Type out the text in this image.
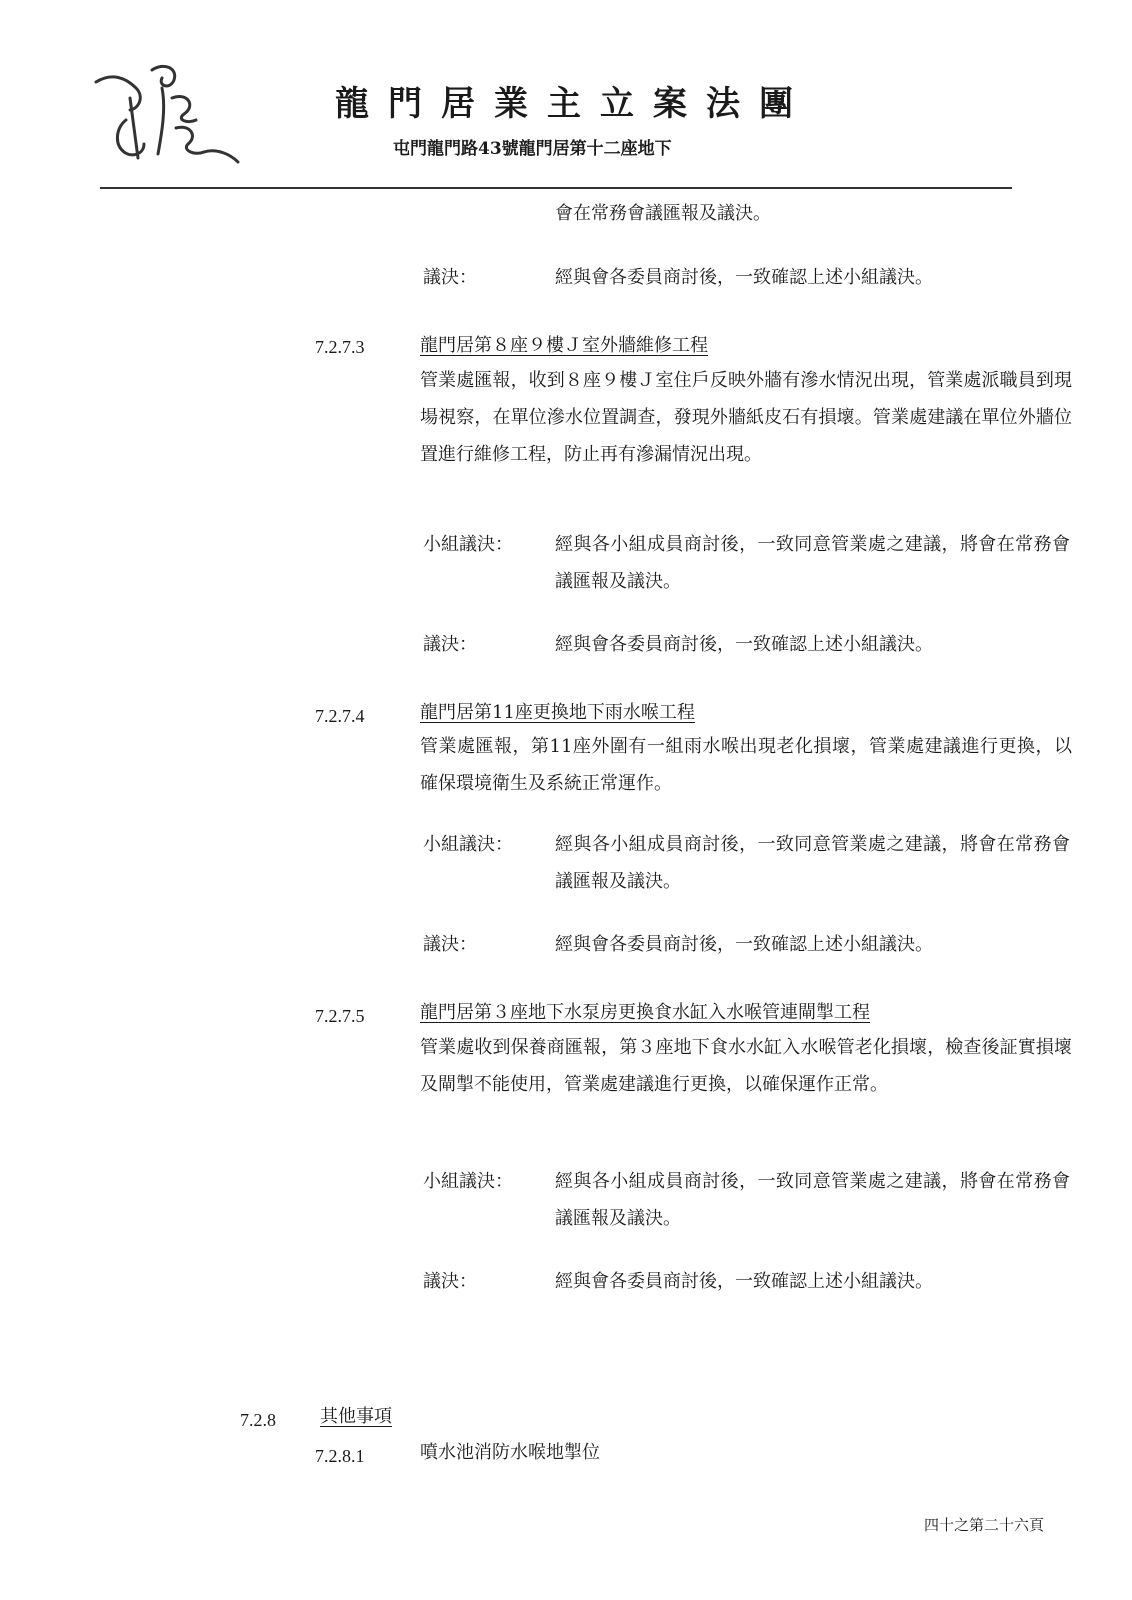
龍門居業主立案法團
屯門龍門路43號龍門居第十二座地下
會在常務會議匯報及議決。
議決：	經與會各委員商討後，一致確認上述小組議決。
7.2.7.3	龍門居第８座９樓Ｊ室外牆維修工程
管業處匯報，收到８座９樓Ｊ室住戶反映外牆有滲水情況出現，管業處派職員到現場視察，在單位滲水位置調查，發現外牆紙皮石有損壞。管業處建議在單位外牆位置進行維修工程，防止再有滲漏情況出現。
小組議決： 經與各小組成員商討後，一致同意管業處之建議，將會在常務會議匯報及議決。
議決：	經與會各委員商討後，一致確認上述小組議決。
7.2.7.4	龍門居第11座更換地下雨水喉工程
管業處匯報，第11座外圍有一組雨水喉出現老化損壞，管業處建議進行更換，以確保環境衛生及系統正常運作。
小組議決： 經與各小組成員商討後，一致同意管業處之建議，將會在常務會議匯報及議決。
議決：	經與會各委員商討後，一致確認上述小組議決。
7.2.7.5	龍門居第３座地下水泵房更換食水缸入水喉管連閘掣工程
管業處收到保養商匯報，第３座地下食水水缸入水喉管老化損壞，檢查後証實損壞及閘掣不能使用，管業處建議進行更換，以確保運作正常。
小組議決： 經與各小組成員商討後，一致同意管業處之建議，將會在常務會議匯報及議決。
議決：	經與會各委員商討後，一致確認上述小組議決。
7.2.8 其他事項
7.2.8.1	噴水池消防水喉地掣位
四十之第二十六頁
